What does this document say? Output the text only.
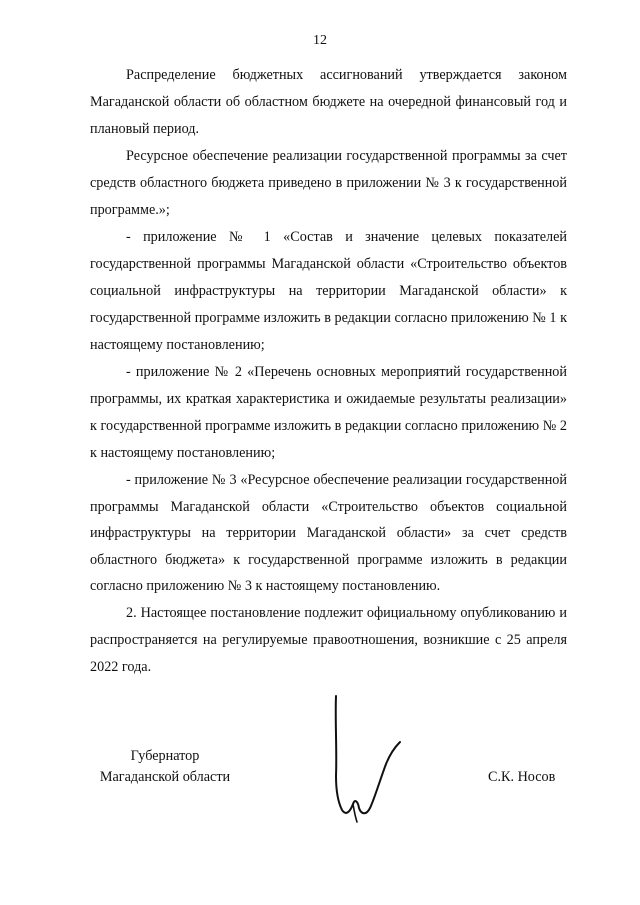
12

Распределение бюджетных ассигнований утверждается законом Магаданской области об областном бюджете на очередной финансовый год и плановый период.

Ресурсное обеспечение реализации государственной программы за счет средств областного бюджета приведено в приложении № 3 к государственной программе.»;

- приложение № 1 «Состав и значение целевых показателей государственной программы Магаданской области «Строительство объектов социальной инфраструктуры на территории Магаданской области» к государственной программе изложить в редакции согласно приложению № 1 к настоящему постановлению;

- приложение № 2 «Перечень основных мероприятий государственной программы, их краткая характеристика и ожидаемые результаты реализации» к государственной программе изложить в редакции согласно приложению № 2 к настоящему постановлению;

- приложение № 3 «Ресурсное обеспечение реализации государственной программы Магаданской области «Строительство объектов социальной инфраструктуры на территории Магаданской области» за счет средств областного бюджета» к государственной программе изложить в редакции согласно приложению № 3 к настоящему постановлению.

2. Настоящее постановление подлежит официальному опубликованию и распространяется на регулируемые правоотношения, возникшие с 25 апреля 2022 года.

Губернатор
Магаданской области	С.К. Носов
